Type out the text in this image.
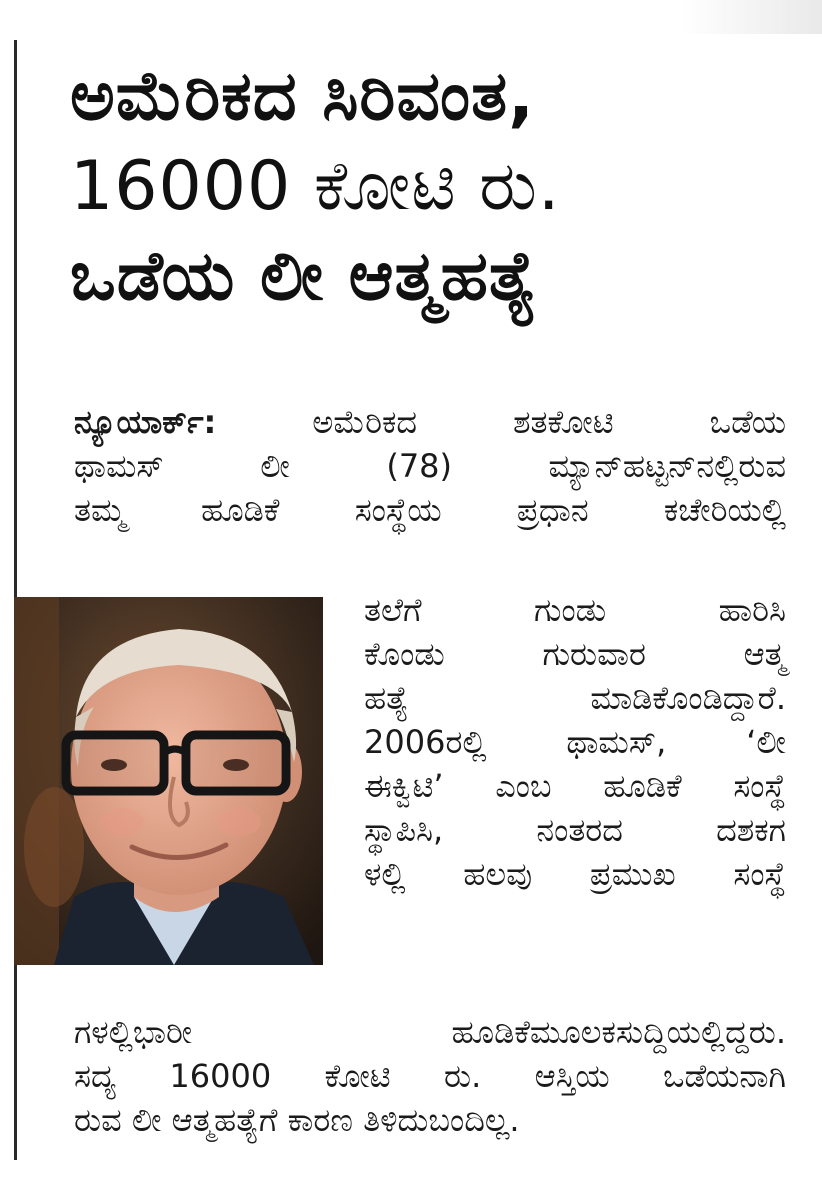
ಅಮೆರಿಕದ ಸಿರಿವಂತ,
16000 ಕೋಟಿ ರು.
ಒಡೆಯ ಲೀ ಆತ್ಮಹತ್ಯೆ
ನ್ಯೂಯಾರ್ಕ್:	ಅಮೆರಿಕದ ಶತಕೋಟಿ ಒಡೆಯ
ಥಾಮಸ್ ಲೀ (78) ಮ್ಯಾನ್‌ಹಟ್ಟನ್‌ನಲ್ಲಿರುವ
ತಮ್ಮ ಹೂಡಿಕೆ ಸಂಸ್ಥೆಯ ಪ್ರಧಾನ ಕಚೇರಿಯಲ್ಲಿ
ತಲೆಗೆ ಗುಂಡು ಹಾರಿಸಿ
ಕೊಂಡು ಗುರುವಾರ ಆತ್ಮ
ಹತ್ಯೆ ಮಾಡಿಕೊಂಡಿದ್ದಾರೆ.
2006ರಲ್ಲಿ ಥಾಮಸ್, ‘ಲೀ
ಈಕ್ವಿಟಿ’ ಎಂಬ ಹೂಡಿಕೆ ಸಂಸ್ಥೆ
ಸ್ಥಾಪಿಸಿ, ನಂತರದ ದಶಕಗ
ಳಲ್ಲಿ ಹಲವು ಪ್ರಮುಖ ಸಂಸ್ಥೆ
ಗಳಲ್ಲಿಭಾರೀ ಹೂಡಿಕೆಮೂಲಕಸುದ್ದಿಯಲ್ಲಿದ್ದರು.
ಸದ್ಯ 16000 ಕೋಟಿ ರು. ಆಸ್ತಿಯ ಒಡೆಯನಾಗಿ
ರುವ ಲೀ ಆತ್ಮಹತ್ಯೆಗೆ ಕಾರಣ ತಿಳಿದುಬಂದಿಲ್ಲ.
